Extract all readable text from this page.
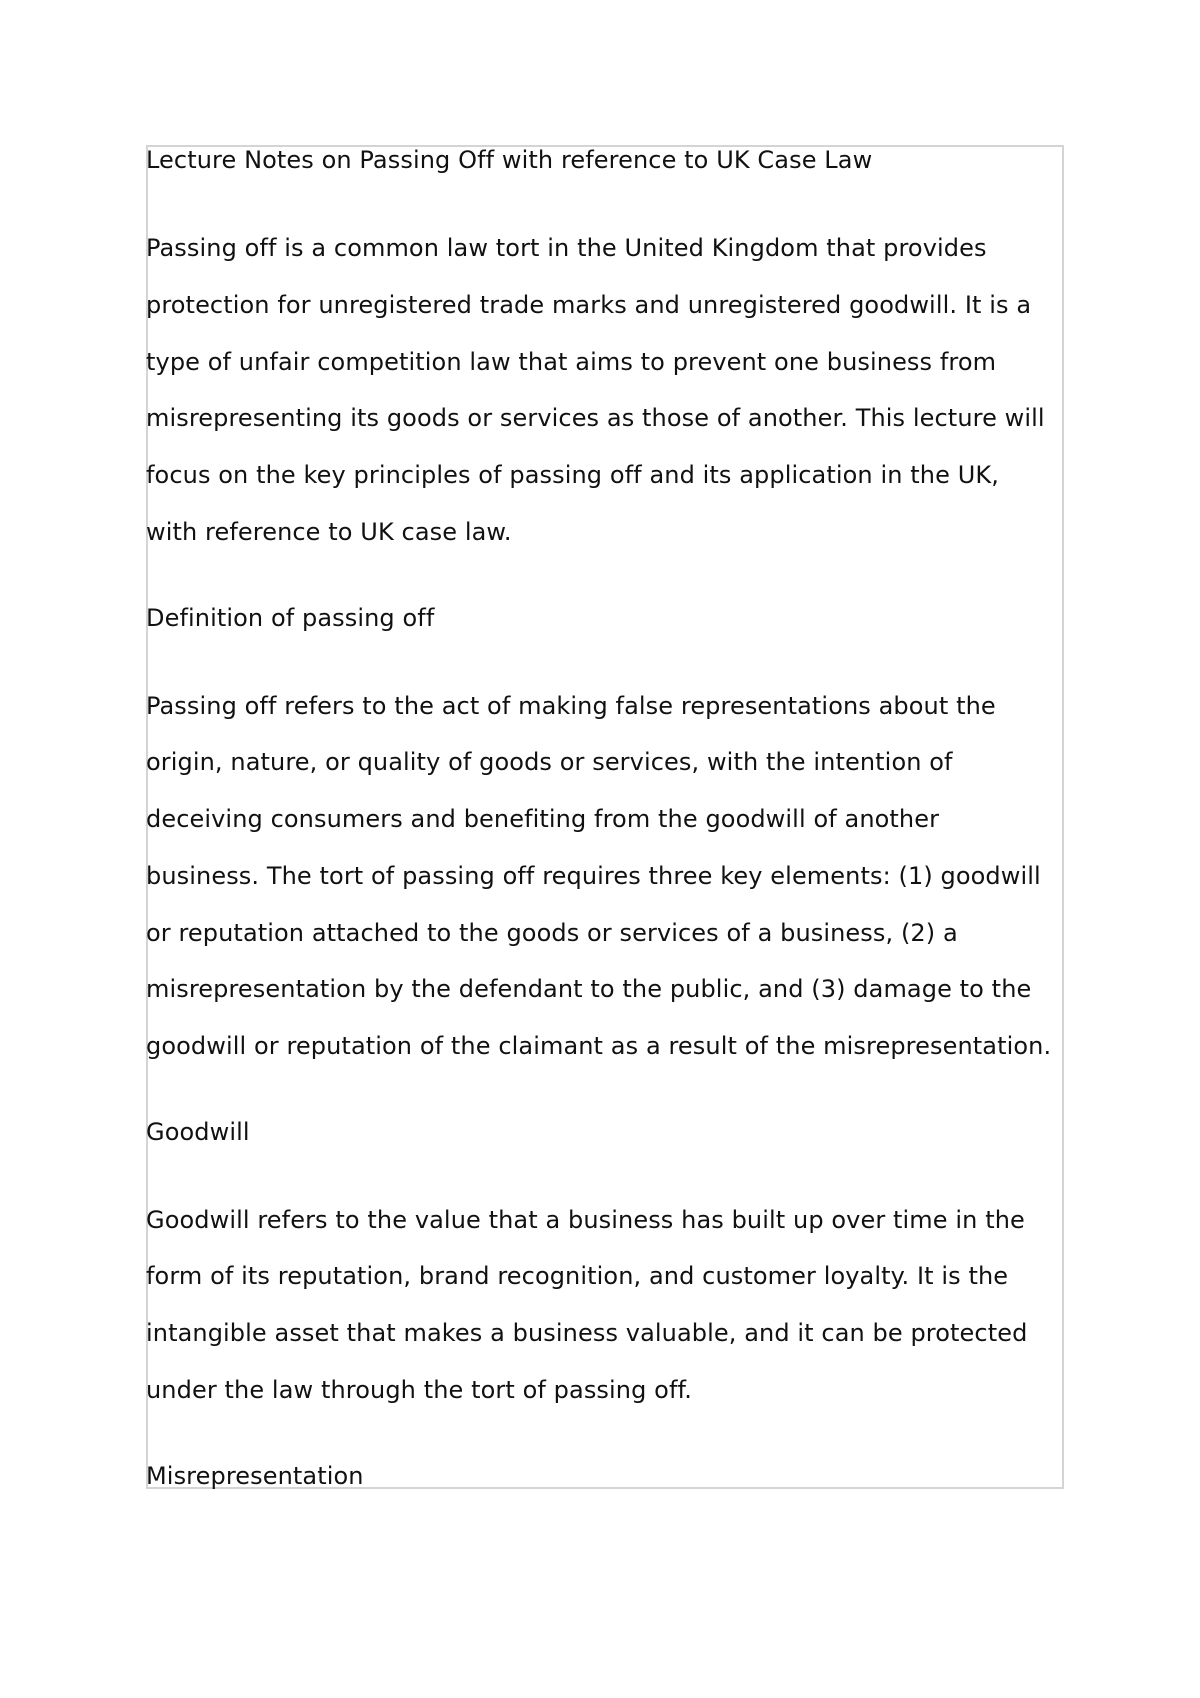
Lecture Notes on Passing Off with reference to UK Case Law
Passing off is a common law tort in the United Kingdom that provides
protection for unregistered trade marks and unregistered goodwill. It is a
type of unfair competition law that aims to prevent one business from
misrepresenting its goods or services as those of another. This lecture will
focus on the key principles of passing off and its application in the UK,
with reference to UK case law.
Definition of passing off
Passing off refers to the act of making false representations about the
origin, nature, or quality of goods or services, with the intention of
deceiving consumers and benefiting from the goodwill of another
business. The tort of passing off requires three key elements: (1) goodwill
or reputation attached to the goods or services of a business, (2) a
misrepresentation by the defendant to the public, and (3) damage to the
goodwill or reputation of the claimant as a result of the misrepresentation.
Goodwill
Goodwill refers to the value that a business has built up over time in the
form of its reputation, brand recognition, and customer loyalty. It is the
intangible asset that makes a business valuable, and it can be protected
under the law through the tort of passing off.
Misrepresentation
